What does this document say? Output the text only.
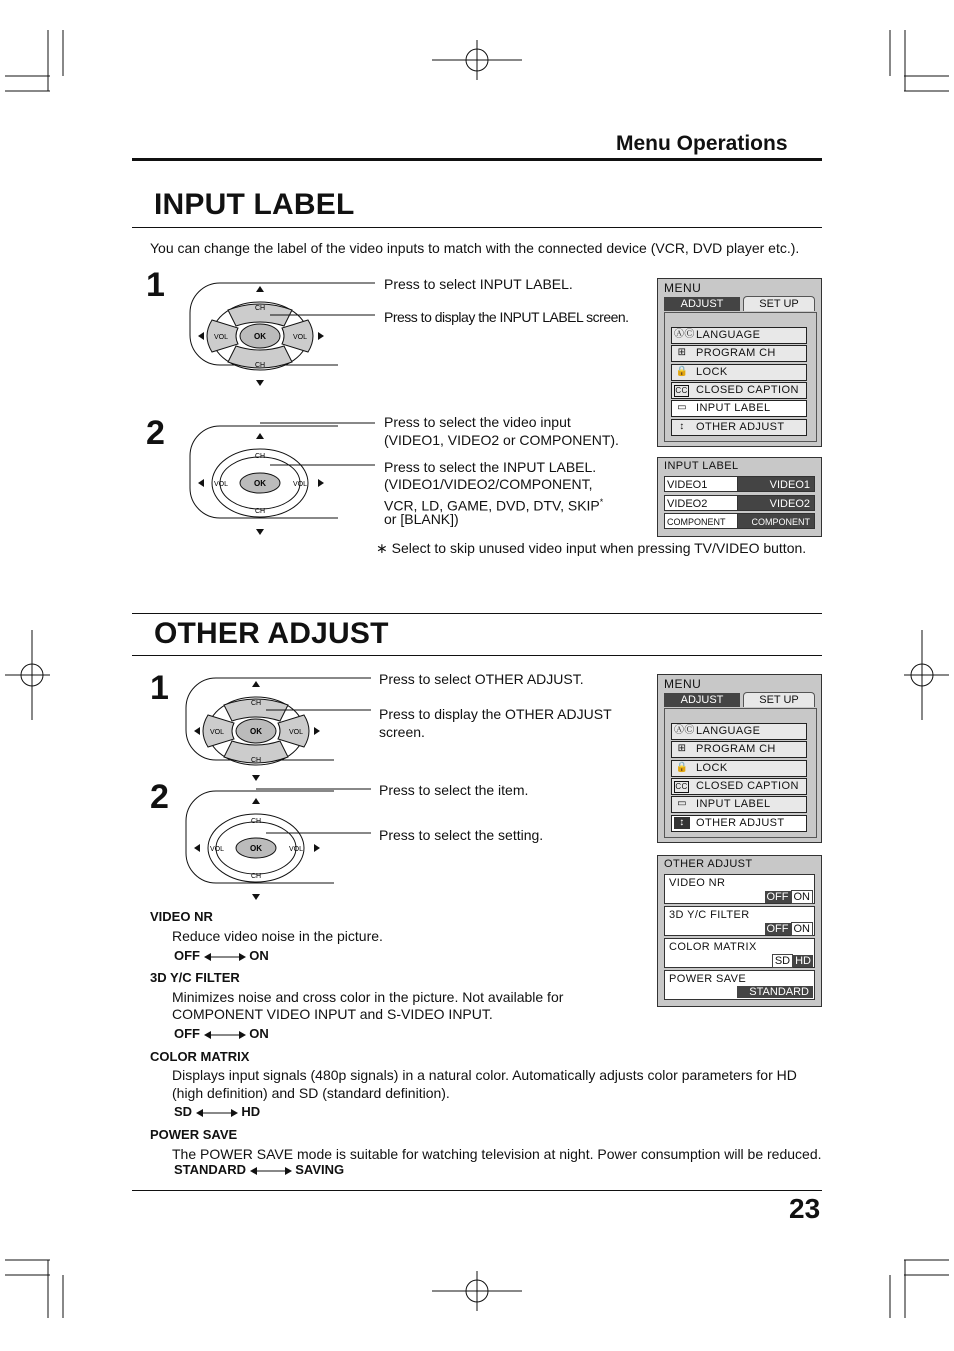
Menu Operations
INPUT LABEL
You can change the label of the video inputs to match with the connected device (VCR, DVD player etc.).
1
2
OK
CH
CH
VOL	VOL
OK
CH
CH
VOL	VOL
Press to select INPUT LABEL.
Press to display the INPUT LABEL screen.
Press to select the video input
(VIDEO1, VIDEO2 or COMPONENT).
Press to select the INPUT LABEL.
(VIDEO1/VIDEO2/COMPONENT,
VCR, LD, GAME, DVD, DTV, SKIP*
or [BLANK])
∗ Select to skip unused video input when pressing TV/VIDEO button.
MENU
ADJUST	SET UP
ⒶⒸ LANGUAGE
⊞ PROGRAM CH
🔒 LOCK
CC CLOSED CAPTION
▭ INPUT LABEL
↕	OTHER ADJUST
INPUT LABEL
VIDEO1	VIDEO1
VIDEO2	VIDEO2
COMPONENT	COMPONENT
OTHER ADJUST
1
2
OK
CH
CH
VOL	VOL
OK
CH
CH
VOL	VOL
Press to select OTHER ADJUST.
Press to display the OTHER ADJUST
screen.
Press to select the item.
Press to select the setting.
MENU
ADJUST	SET UP
ⒶⒸ LANGUAGE
⊞ PROGRAM CH
🔒 LOCK
CC CLOSED CAPTION
▭ INPUT LABEL
↕	OTHER ADJUST
OTHER ADJUST
VIDEO NR
OFF ON
3D Y/C FILTER
OFF ON
COLOR MATRIX
SD HD
POWER SAVE
STANDARD
VIDEO NR
Reduce video noise in the picture.
OFF	ON
3D Y/C FILTER
Minimizes noise and cross color in the picture. Not available for
COMPONENT VIDEO INPUT and S-VIDEO INPUT.
OFF	ON
COLOR MATRIX
Displays input signals (480p signals) in a natural color. Automatically adjusts color parameters for HD
(high definition) and SD (standard definition).
SD	HD
POWER SAVE
The POWER SAVE mode is suitable for watching television at night. Power consumption will be reduced.
STANDARD	SAVING
23
